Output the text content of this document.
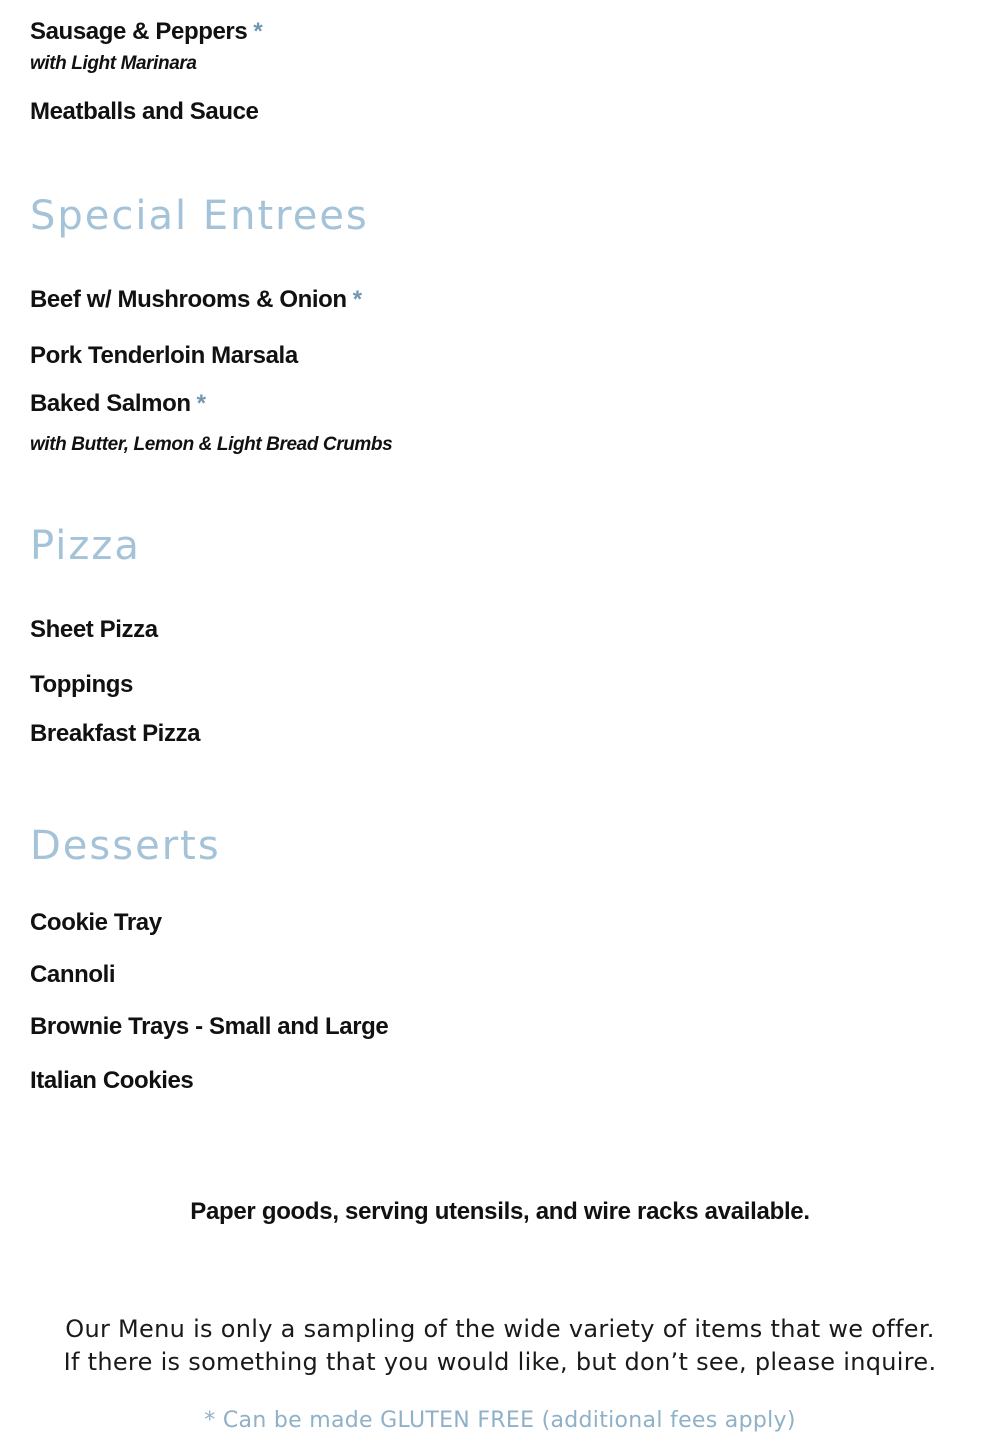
Sausage & Peppers *
with Light Marinara
Meatballs and Sauce
Special Entrees
Beef w/ Mushrooms & Onion *
Pork Tenderloin Marsala
Baked Salmon *
with Butter, Lemon & Light Bread Crumbs
Pizza
Sheet Pizza
Toppings
Breakfast Pizza
Desserts
Cookie Tray
Cannoli
Brownie Trays - Small and Large
Italian Cookies
Paper goods, serving utensils, and wire racks available.
Our Menu is only a sampling of the wide variety of items that we offer.
If there is something that you would like, but don’t see, please inquire.
* Can be made GLUTEN FREE (additional fees apply)
